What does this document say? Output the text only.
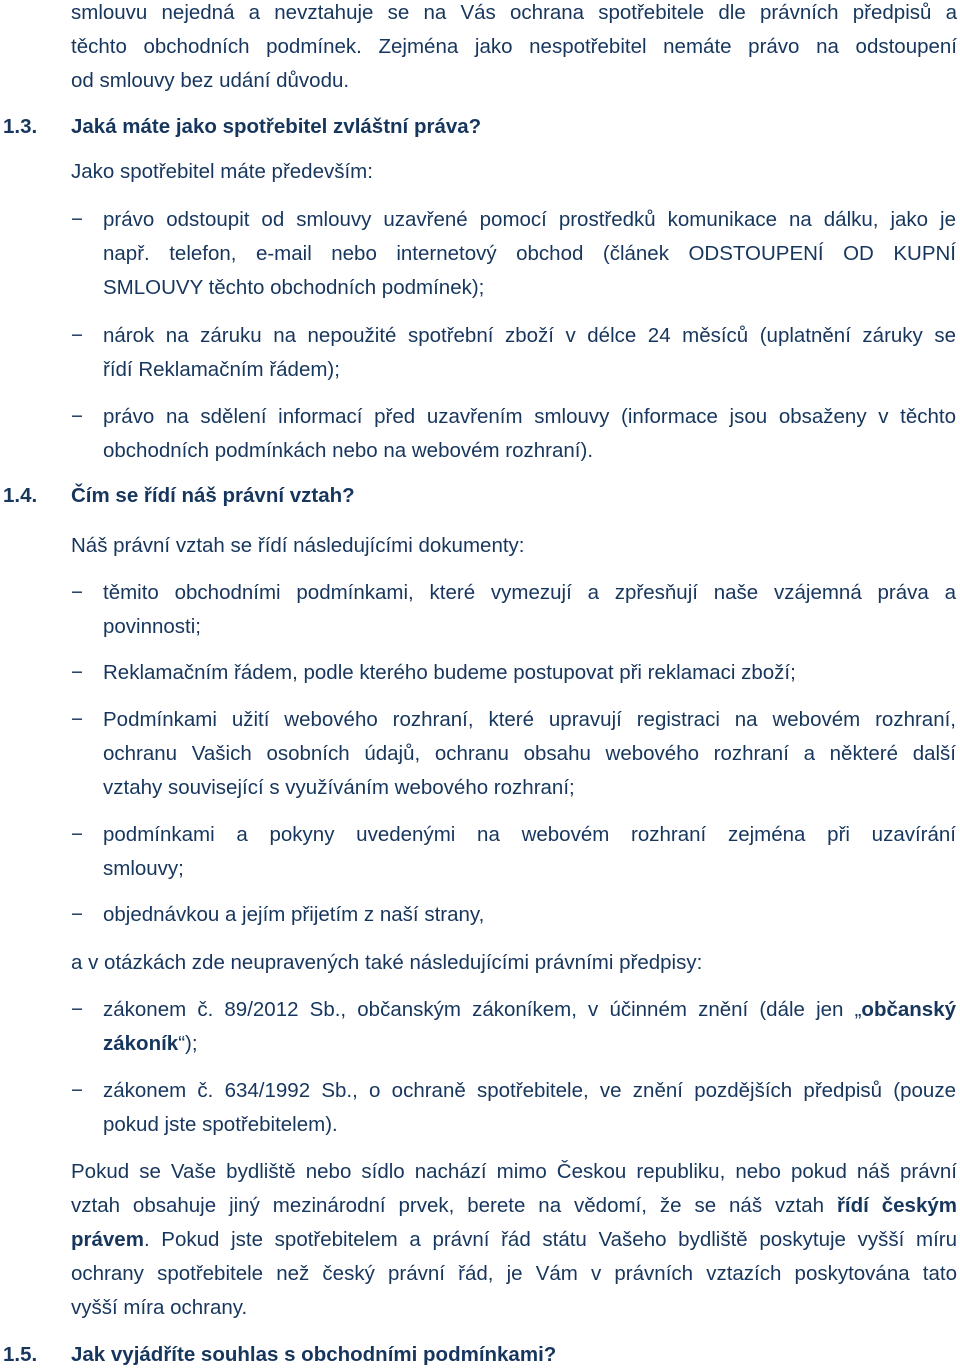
smlouvu nejedná a nevztahuje se na Vás ochrana spotřebitele dle právních předpisů a
těchto obchodních podmínek. Zejména jako nespotřebitel nemáte právo na odstoupení
od smlouvy bez udání důvodu.
1.3. Jaká máte jako spotřebitel zvláštní práva?
Jako spotřebitel máte především:
− právo odstoupit od smlouvy uzavřené pomocí prostředků komunikace na dálku, jako je
např. telefon, e-mail nebo internetový obchod (článek ODSTOUPENÍ OD KUPNÍ
SMLOUVY těchto obchodních podmínek);
− nárok na záruku na nepoužité spotřební zboží v délce 24 měsíců (uplatnění záruky se
řídí Reklamačním řádem);
− právo na sdělení informací před uzavřením smlouvy (informace jsou obsaženy v těchto
obchodních podmínkách nebo na webovém rozhraní).
1.4. Čím se řídí náš právní vztah?
Náš právní vztah se řídí následujícími dokumenty:
− těmito obchodními podmínkami, které vymezují a zpřesňují naše vzájemná práva a
povinnosti;
− Reklamačním řádem, podle kterého budeme postupovat při reklamaci zboží;
− Podmínkami užití webového rozhraní, které upravují registraci na webovém rozhraní,
ochranu Vašich osobních údajů, ochranu obsahu webového rozhraní a některé další
vztahy související s využíváním webového rozhraní;
− podmínkami a pokyny uvedenými na webovém rozhraní zejména při uzavírání
smlouvy;
− objednávkou a jejím přijetím z naší strany,
a v otázkách zde neupravených také následujícími právními předpisy:
− zákonem č. 89/2012 Sb., občanským zákoníkem, v účinném znění (dále jen „občanský
zákoník“);
− zákonem č. 634/1992 Sb., o ochraně spotřebitele, ve znění pozdějších předpisů (pouze
pokud jste spotřebitelem).
Pokud se Vaše bydliště nebo sídlo nachází mimo Českou republiku, nebo pokud náš právní
vztah obsahuje jiný mezinárodní prvek, berete na vědomí, že se náš vztah řídí českým
právem. Pokud jste spotřebitelem a právní řád státu Vašeho bydliště poskytuje vyšší míru
ochrany spotřebitele než český právní řád, je Vám v právních vztazích poskytována tato
vyšší míra ochrany.
1.5. Jak vyjádříte souhlas s obchodními podmínkami?
